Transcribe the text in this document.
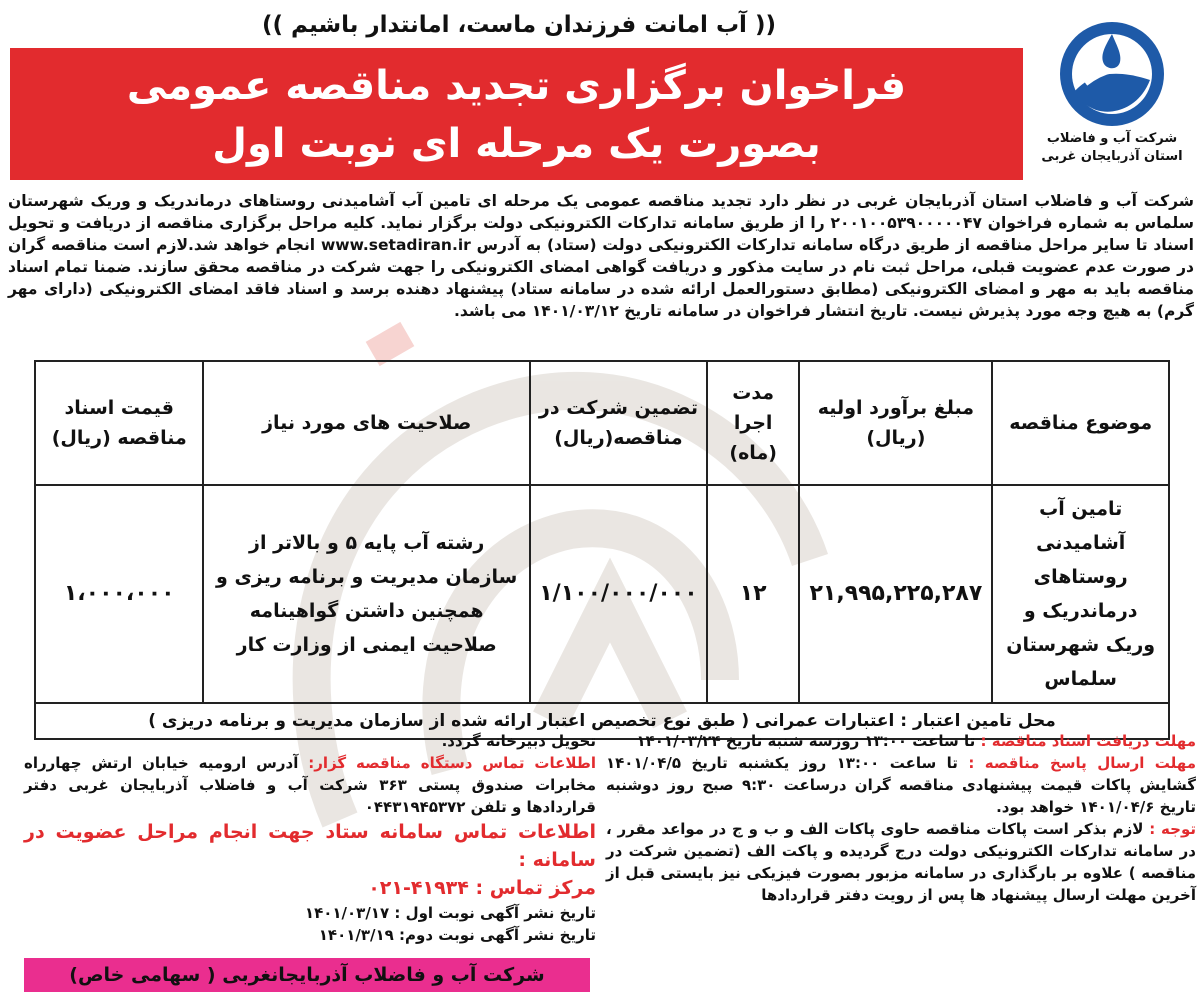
(( آب امانت فرزندان ماست، امانتدار باشیم ))
فراخوان برگزاری تجدید مناقصه عمومی
بصورت یک مرحله ای نوبت اول	شرکت آب و فاضلاب
استان آذربایجان غربی

شرکت آب و فاضلاب استان آذربایجان غربی در نظر دارد تجدید مناقصه عمومی یک مرحله ای تامین آب آشامیدنی روستاهای درماندریک و وریک شهرستان سلماس به شماره فراخوان ۲۰۰۱۰۰۵۳۹۰۰۰۰۰۴۷ را از طریق سامانه تدارکات الکترونیکی دولت برگزار نماید. کلیه مراحل برگزاری مناقصه از دریافت و تحویل اسناد تا سایر مراحل مناقصه از طریق درگاه سامانه تدارکات الکترونیکی دولت (ستاد) به آدرس www.setadiran.ir انجام خواهد شد.لازم است مناقصه گران در صورت عدم عضویت قبلی، مراحل ثبت نام در سایت مذکور و دریافت گواهی امضای الکترونیکی را جهت شرکت در مناقصه محقق سازند. ضمنا تمام اسناد مناقصه باید به مهر و امضای الکترونیکی (مطابق دستورالعمل ارائه شده در سامانه ستاد) پیشنهاد دهنده برسد و اسناد فاقد امضای الکترونیکی (دارای مهر گرم) به هیچ وجه مورد پذیرش نیست. تاریخ انتشار فراخوان در سامانه تاریخ ۱۴۰۱/۰۳/۱۲ می باشد.

موضوع مناقصه	مبلغ برآورد اولیه (ریال)	مدت اجرا (ماه)	تضمین شرکت در مناقصه(ریال)	صلاحیت های مورد نیاز	قیمت اسناد مناقصه (ریال)
تامین آب آشامیدنی روستاهای درماندریک و وریک شهرستان سلماس	۲۱,۹۹۵,۲۲۵,۲۸۷	۱۲	۱/۱۰۰/۰۰۰/۰۰۰	رشته آب پایه ۵ و بالاتر از سازمان مدیریت و برنامه ریزی و همچنین داشتن گواهینامه صلاحیت ایمنی از وزارت کار	۱،۰۰۰،۰۰۰
محل تامین اعتبار : اعتبارات عمرانی ( طبق نوع تخصیص اعتبار ارائه شده از سازمان مدیریت و برنامه دریزی )					
مهلت دریافت اسناد مناقصه : تا ساعت ۱۳:۰۰ روزسه شنبه تاریخ ۱۴۰۱/۰۳/۲۴
مهلت ارسال پاسخ مناقصه : تا ساعت ۱۳:۰۰ روز یکشنبه تاریخ ۱۴۰۱/۰۴/۵ گشایش پاکات قیمت پیشنهادی مناقصه گران درساعت ۹:۳۰ صبح روز دوشنبه تاریخ ۱۴۰۱/۰۴/۶ خواهد بود.
توجه : لازم بذکر است پاکات مناقصه حاوی پاکات الف و ب و ج در مواعد مقرر ، در سامانه تدارکات الکترونیکی دولت درج گردیده و پاکت الف (تضمین شرکت در مناقصه ) علاوه بر بارگذاری در سامانه مزبور بصورت فیزیکی نیز بایستی قبل از آخرین مهلت ارسال پیشنهاد ها پس از رویت دفتر قراردادها
تحویل دبیرخانه گردد.
اطلاعات تماس دستگاه مناقصه گزار: آدرس ارومیه خیابان ارتش چهارراه مخابرات صندوق پستی ۳۶۳ شرکت آب و فاضلاب آذربایجان غربی دفتر قراردادها و تلفن ۰۴۴۳۱۹۴۵۳۷۲
اطلاعات تماس سامانه ستاد جهت انجام مراحل عضویت در سامانه :
مرکز تماس : ۴۱۹۳۴-۰۲۱
تاریخ نشر آگهی نوبت اول : ۱۴۰۱/۰۳/۱۷
تاریخ نشر آگهی نوبت دوم: ۱۴۰۱/۳/۱۹
شرکت آب و فاضلاب آذربایجانغربی ( سهامی خاص)
